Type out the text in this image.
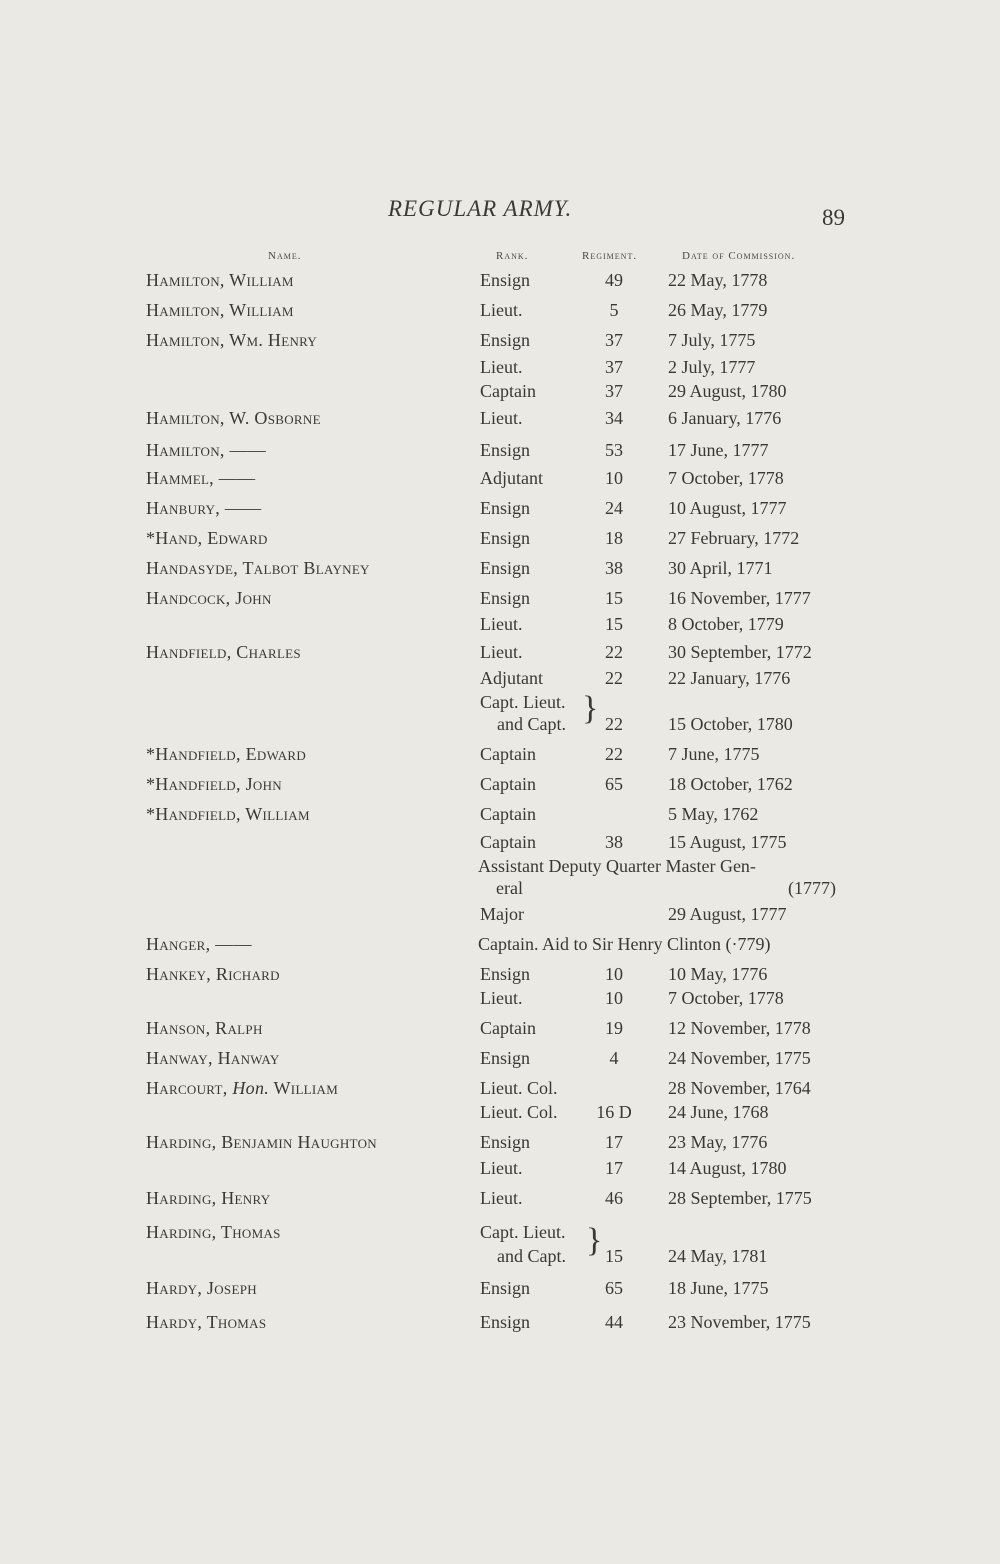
REGULAR ARMY.	89
Name.	Rank.	Regiment.	Date of Commission.
Hamilton, William	Ensign	49	22 May, 1778
Hamilton, William	Lieut.	5	26 May, 1779
Hamilton, Wm. Henry	Ensign	37	7 July, 1775
Lieut.	37	2 July, 1777
Captain	37	29 August, 1780
Hamilton, W. Osborne	Lieut.	34	6 January, 1776
Hamilton, ——	Ensign	53	17 June, 1777
Hammel, ——	Adjutant	10	7 October, 1778
Hanbury, ——	Ensign	24	10 August, 1777
*Hand, Edward	Ensign	18	27 February, 1772
Handasyde, Talbot Blayney	Ensign	38	30 April, 1771
Handcock, John	Ensign	15	16 November, 1777
Lieut.	15	8 October, 1779
Handfield, Charles	Lieut.	22	30 September, 1772
Adjutant	22	22 January, 1776
Capt. Lieut.
and Capt.	22	15 October, 1780
*Handfield, Edward	Captain	22	7 June, 1775
*Handfield, John	Captain	65	18 October, 1762
*Handfield, William	Captain	5 May, 1762
Captain	38	15 August, 1775
Assistant Deputy Quarter Master Gen-
eral	(1777)
Major	29 August, 1777
Hanger, ——	Captain. Aid to Sir Henry Clinton (·779)
Hankey, Richard	Ensign	10	10 May, 1776
Lieut.	10	7 October, 1778
Hanson, Ralph	Captain	19	12 November, 1778
Hanway, Hanway	Ensign	4	24 November, 1775
Harcourt, Hon. William	Lieut. Col.	28 November, 1764
Lieut. Col.	16 D	24 June, 1768
Harding, Benjamin Haughton	Ensign	17	23 May, 1776
Lieut.	17	14 August, 1780
Harding, Henry	Lieut.	46	28 September, 1775
Harding, Thomas	Capt. Lieut.
and Capt.	15	24 May, 1781
Hardy, Joseph	Ensign	65	18 June, 1775
Hardy, Thomas	Ensign	44	23 November, 1775
}
}
